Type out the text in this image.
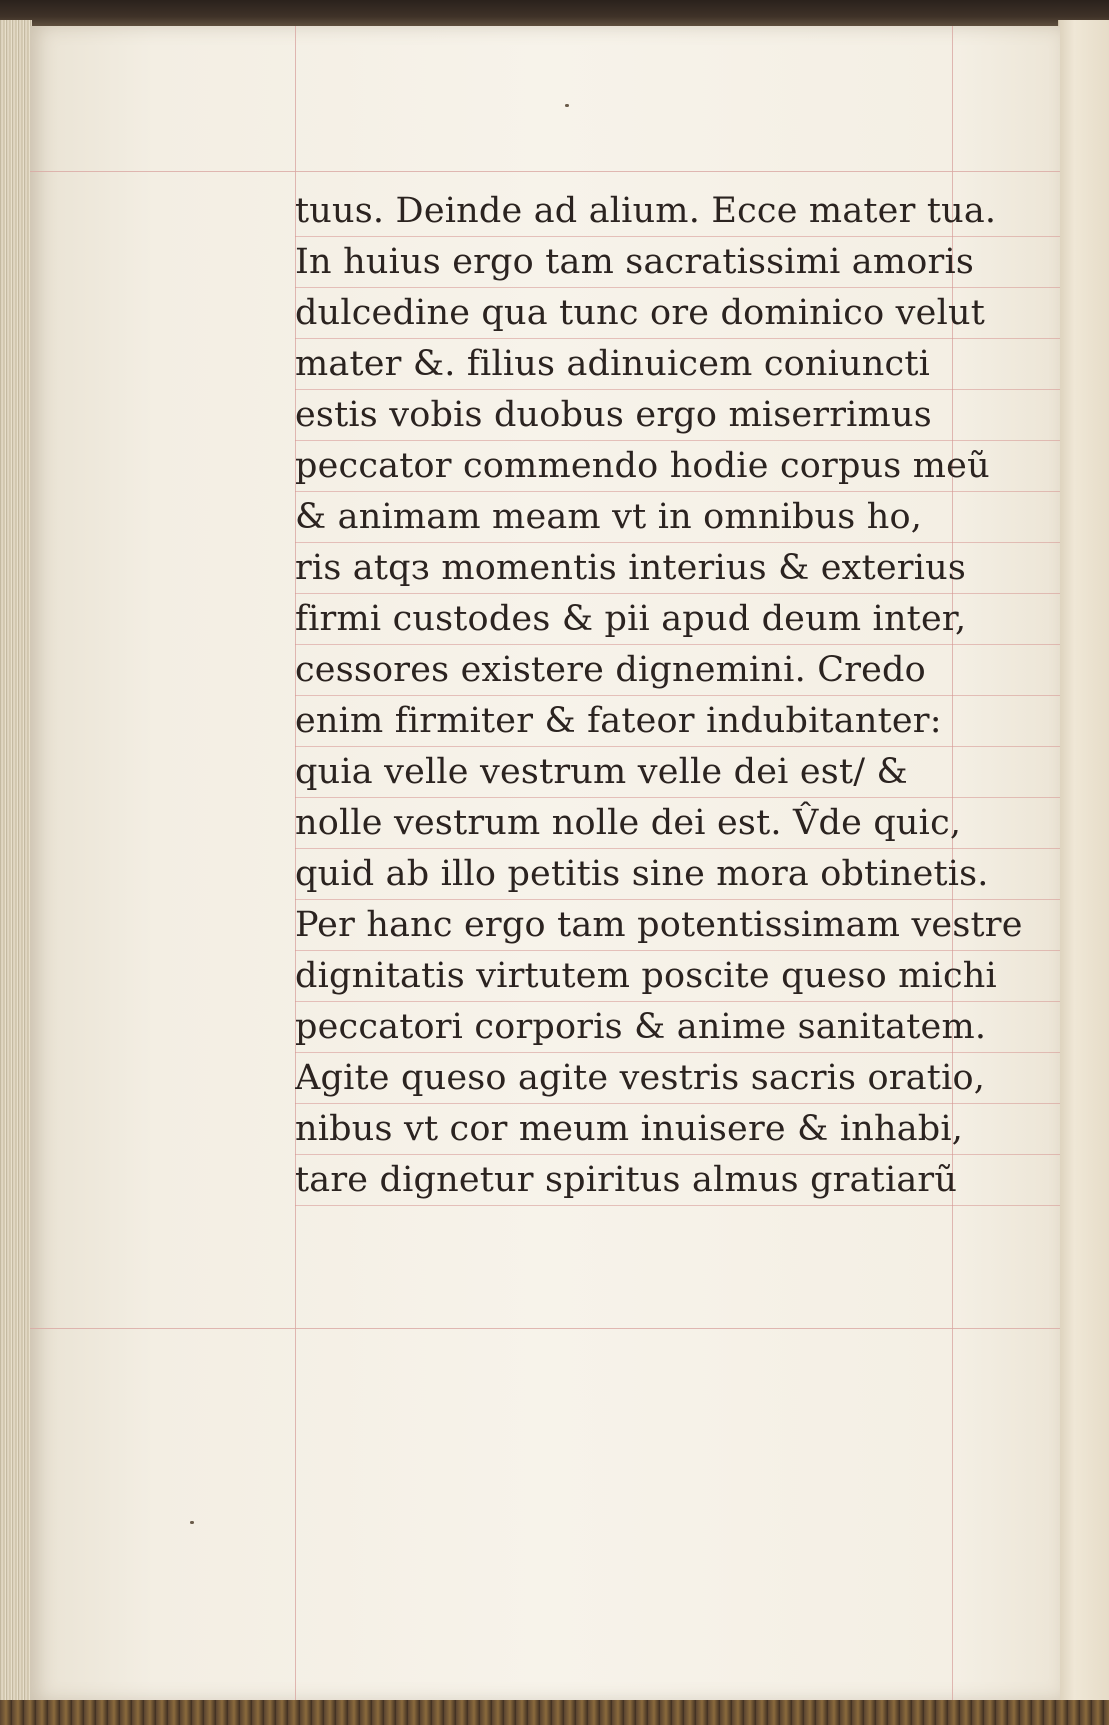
tuus. Deinde ad alium. Ecce mater tua.
In huius ergo tam sacratissimi amoris
dulcedine qua tunc ore dominico velut
mater &. filius adinuicem coniuncti
estis vobis duobus ergo miserrimus
peccator commendo hodie corpus meũ
& animam meam vt in omnibus ho,
ris atqз momentis interius & exterius
firmi custodes & pii apud deum inter,
cessores existere dignemini. Credo
enim firmiter & fateor indubitanter:
quia velle vestrum velle dei est/ &
nolle vestrum nolle dei est. V̂de quic,
quid ab illo petitis sine mora obtinetis.
Per hanc ergo tam potentissimam vestre
dignitatis virtutem poscite queso michi
peccatori corporis & anime sanitatem.
Agite queso agite vestris sacris oratio,
nibus vt cor meum inuisere & inhabi,
tare dignetur spiritus almus gratiarũ
